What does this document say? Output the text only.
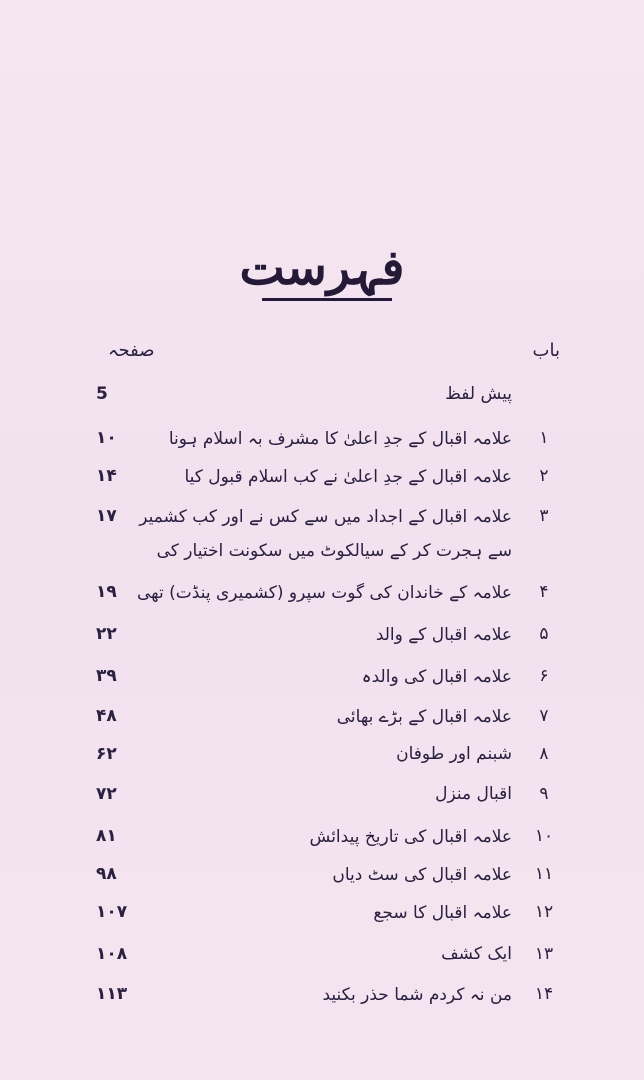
فہرست
باب
صفحہ
پیش لفظ
5
۱
علامہ اقبال کے جدِ اعلیٰ کا مشرف بہ اسلام ہونا
۱۰
۲
علامہ اقبال کے جدِ اعلیٰ نے کب اسلام قبول کیا
۱۴
۳
علامہ اقبال کے اجداد میں سے کس نے اور کب کشمیر
۱۷
سے ہجرت کر کے سیالکوٹ میں سکونت اختیار کی
۴
علامہ کے خاندان کی گوت سپرو (کشمیری پنڈت) تھی
۱۹
۵
علامہ اقبال کے والد
۲۲
۶
علامہ اقبال کی والدہ
۳۹
۷
علامہ اقبال کے بڑے بھائی
۴۸
۸
شبنم اور طوفان
۶۲
۹
اقبال منزل
۷۲
۱۰
علامہ اقبال کی تاریخ پیدائش
۸۱
۱۱
علامہ اقبال کی سٹ دیاں
۹۸
۱۲
علامہ اقبال کا سجع
۱۰۷
۱۳
ایک کشف
۱۰۸
۱۴
من نہ کردم شما حذر بکنید
۱۱۳
